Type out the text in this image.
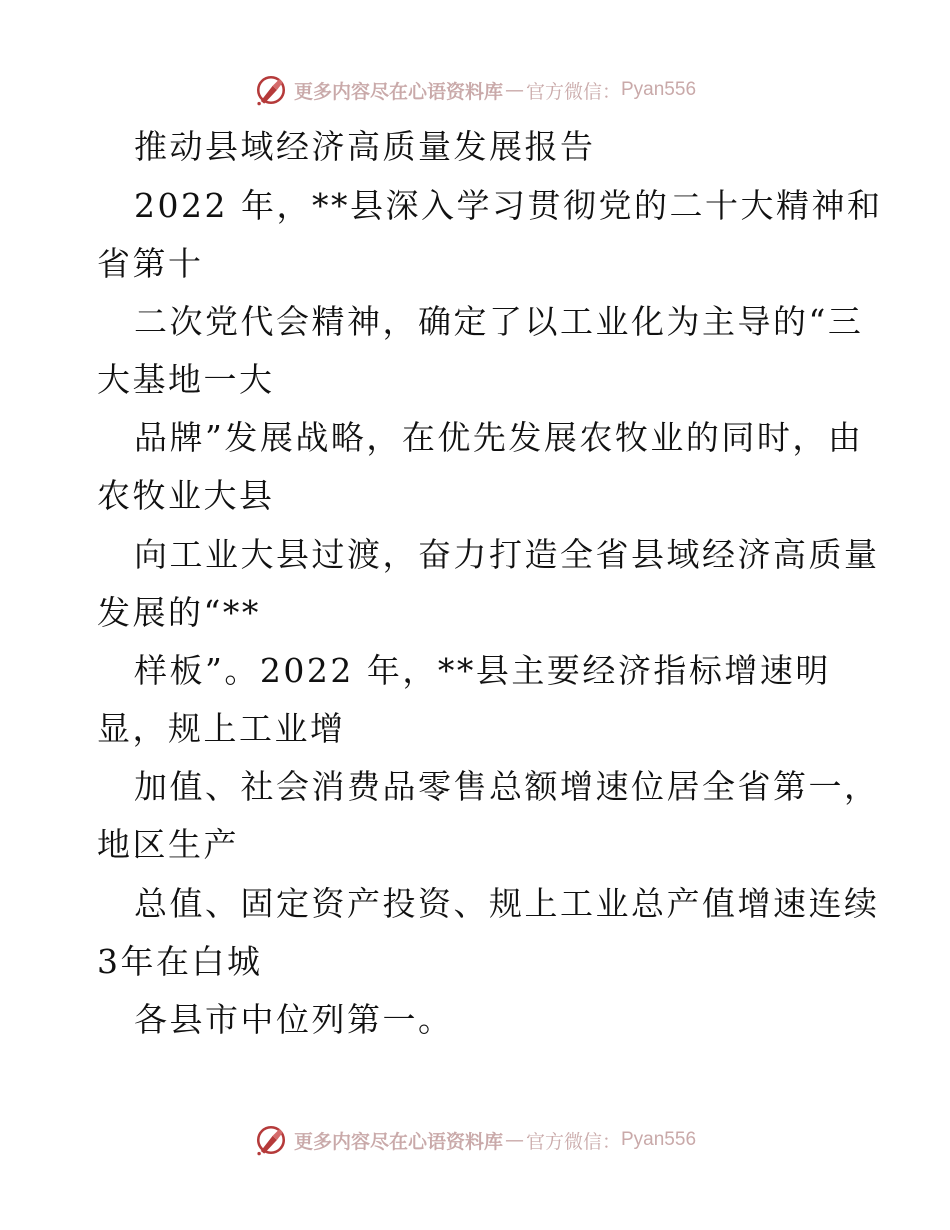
更多内容尽在心语资料库 — 官方微信： Pyan556
推动县域经济高质量发展报告
2022 年，**县深入学习贯彻党的二十大精神和
省第十
二次党代会精神，确定了以工业化为主导的“三
大基地一大
品牌”发展战略，在优先发展农牧业的同时，由
农牧业大县
向工业大县过渡，奋力打造全省县域经济高质量
发展的“**
样板”。2022 年，**县主要经济指标增速明
显，规上工业增
加值、社会消费品零售总额增速位居全省第一，
地区生产
总值、固定资产投资、规上工业总产值增速连续
3年在白城
各县市中位列第一。
更多内容尽在心语资料库 — 官方微信： Pyan556
